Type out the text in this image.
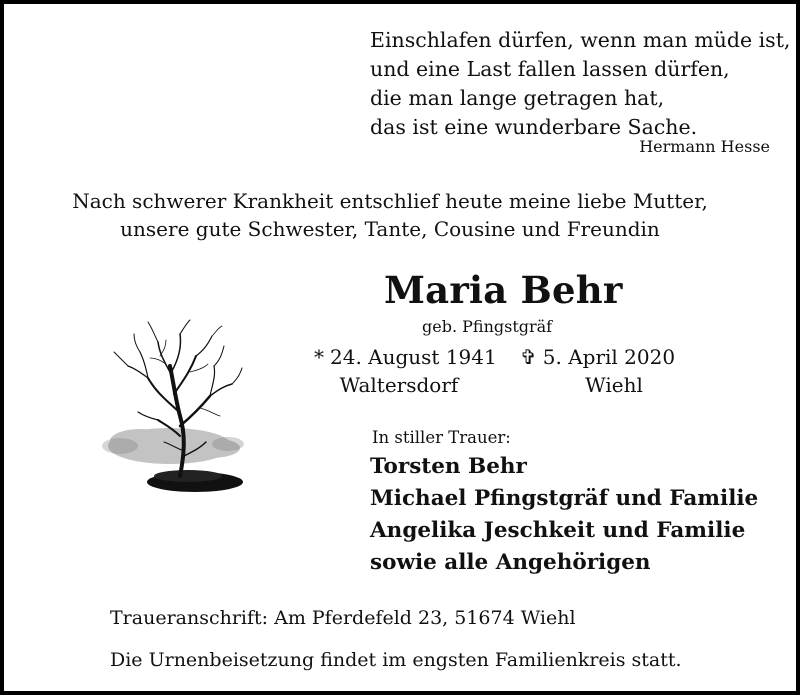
Einschlafen dürfen, wenn man müde ist,
und eine Last fallen lassen dürfen,
die man lange getragen hat,
das ist eine wunderbare Sache.
Hermann Hesse
Nach schwerer Krankheit entschlief heute meine liebe Mutter,
unsere gute Schwester, Tante, Cousine und Freundin
Maria Behr
geb. Pfingstgräf
* 24. August 1941 ✞ 5. April 2020
Waltersdorf	Wiehl
In stiller Trauer:
Torsten Behr
Michael Pfingstgräf und Familie
Angelika Jeschkeit und Familie
sowie alle Angehörigen
Traueranschrift: Am Pferdefeld 23, 51674 Wiehl
Die Urnenbeisetzung findet im engsten Familienkreis statt.
